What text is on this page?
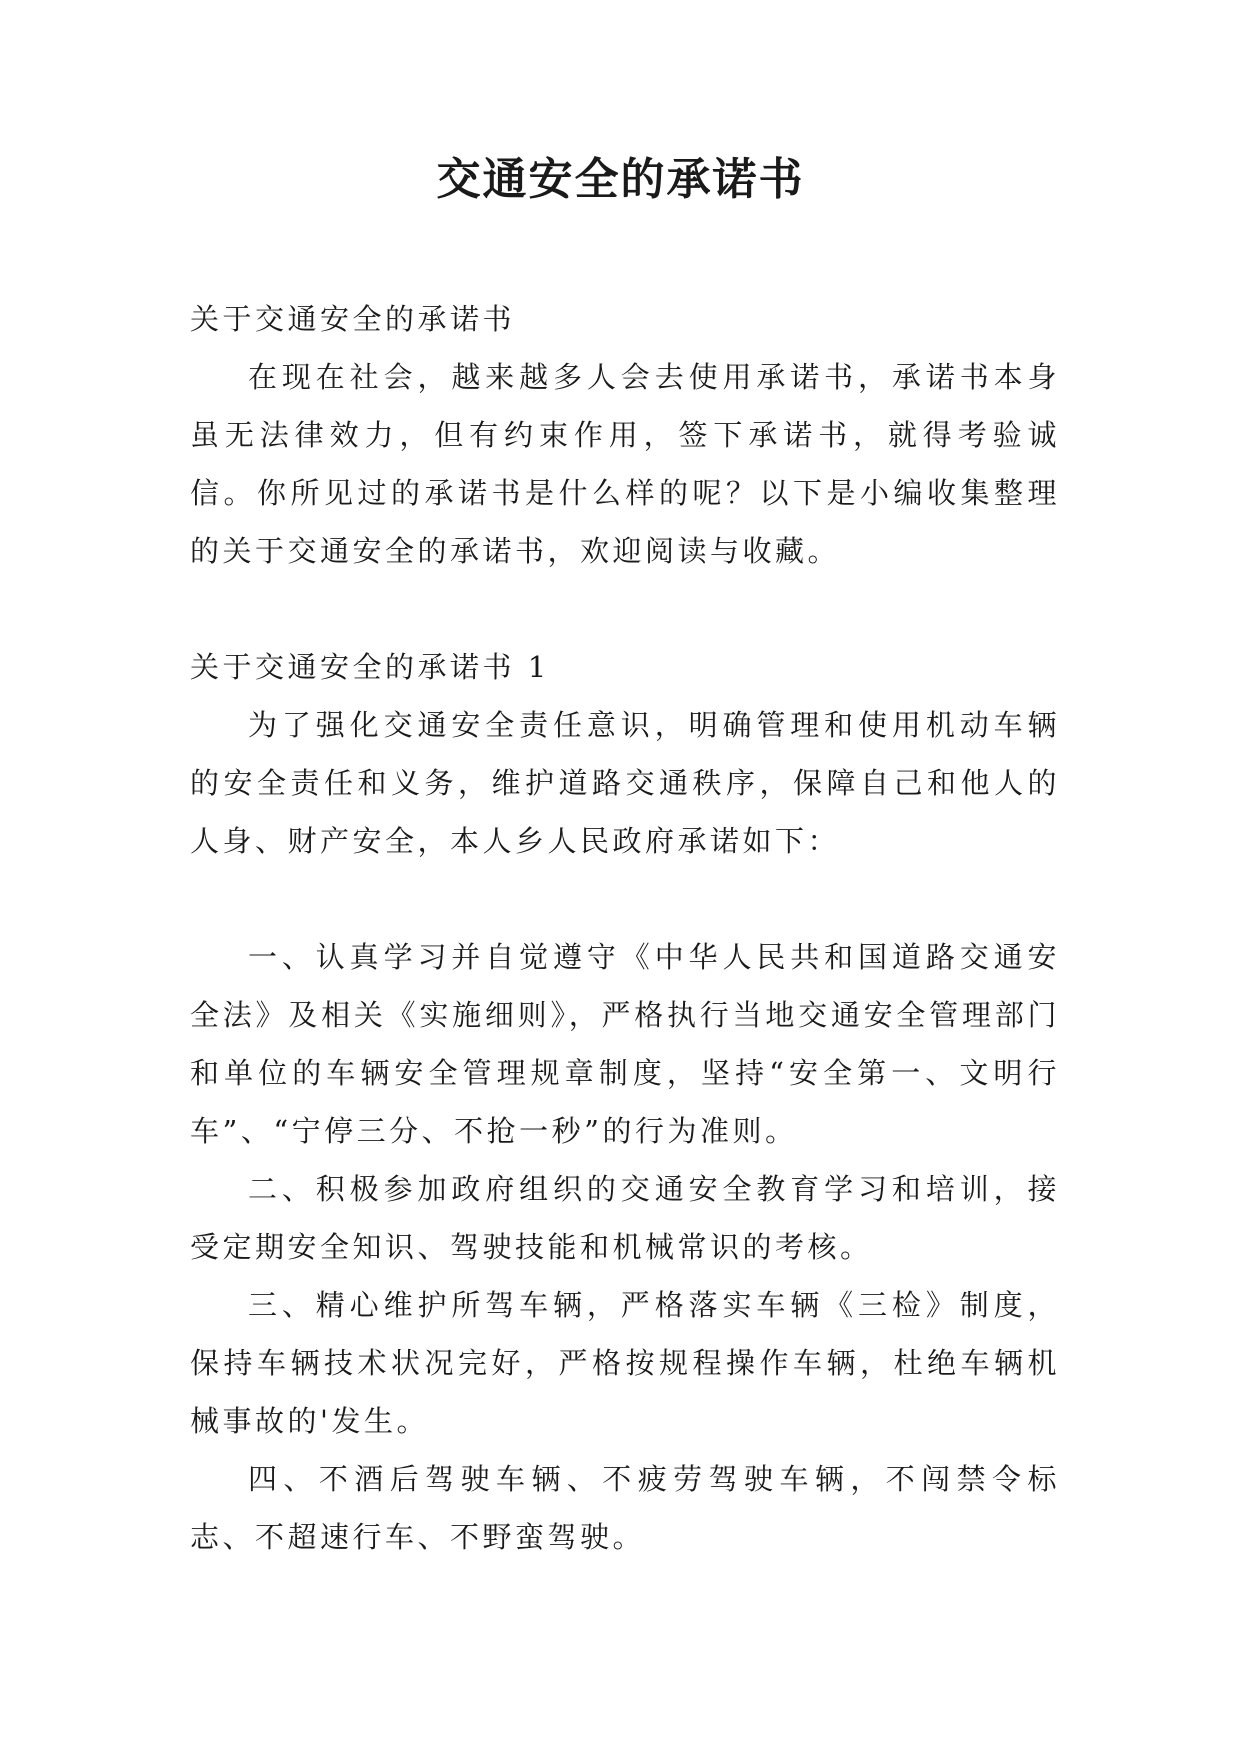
交通安全的承诺书

关于交通安全的承诺书

在现在社会，越来越多人会去使用承诺书，承诺书本身虽无法律效力，但有约束作用，签下承诺书，就得考验诚信。你所见过的承诺书是什么样的呢？以下是小编收集整理的关于交通安全的承诺书，欢迎阅读与收藏。

关于交通安全的承诺书 1

为了强化交通安全责任意识，明确管理和使用机动车辆的安全责任和义务，维护道路交通秩序，保障自己和他人的人身、财产安全，本人乡人民政府承诺如下：

一、认真学习并自觉遵守《中华人民共和国道路交通安全法》及相关《实施细则》，严格执行当地交通安全管理部门和单位的车辆安全管理规章制度，坚持“安全第一、文明行车”、“宁停三分、不抢一秒”的行为准则。

二、积极参加政府组织的交通安全教育学习和培训，接受定期安全知识、驾驶技能和机械常识的考核。

三、精心维护所驾车辆，严格落实车辆《三检》制度，保持车辆技术状况完好，严格按规程操作车辆，杜绝车辆机械事故的'发生。

四、不酒后驾驶车辆、不疲劳驾驶车辆，不闯禁令标志、不超速行车、不野蛮驾驶。
